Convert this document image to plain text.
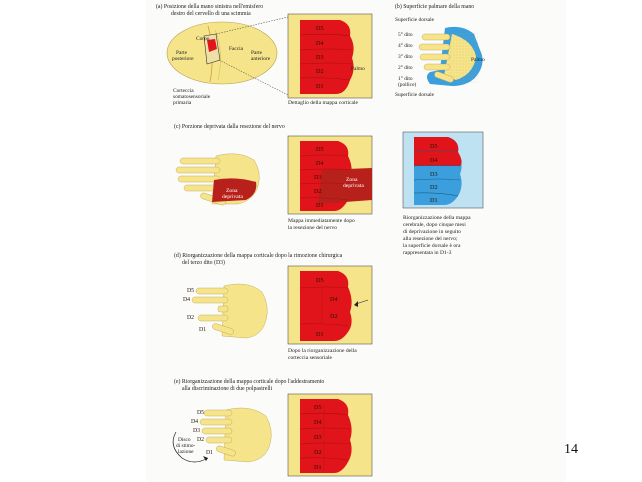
(a) Posizione della mano sinistra nell'emisfero
destro del cervello di una scimmia
Corpo
Faccia
Parte
posteriore
Parte
anteriore
Corteccia
somatosensoriale
primaria
D5
D4
D3
D2
D1
Palmo
Dettaglio della mappa corticale
(b) Superficie palmare della mano
Superficie dorsale
5° dito
4° dito
3° dito
2° dito
1° dito
(pollice)
Palmo
Superficie dorsale
(c) Porzione deprivata dalla resezione del nervo
Zona
deprivata
D5
D4
D3
D2
D1
Zona
deprivata
Mappa immediatamente dopo
la resezione del nervo
D5
D4
D3
D2
D1
Riorganizzazione della mappa
cerebrale, dopo cinque mesi
di deprivazione in seguito
alla resezione del nervo;
la superficie dorsale è ora
rappresentata in D1-3
(d) Riorganizzazione della mappa corticale dopo la rimozione chirurgica
del terzo dito (D3)
D5
D4
D2
D1
D5
D4
D2
D1
Dopo la riorganizzazione della
corteccia sensoriale
(e) Riorganizzazione della mappa corticale dopo l'addestramento
alla discriminazione di due polpastrelli
D5
D4
D3
D2
D1
Disco
di stimo-
lazione
D5
D4
D3
D2
D1
14
